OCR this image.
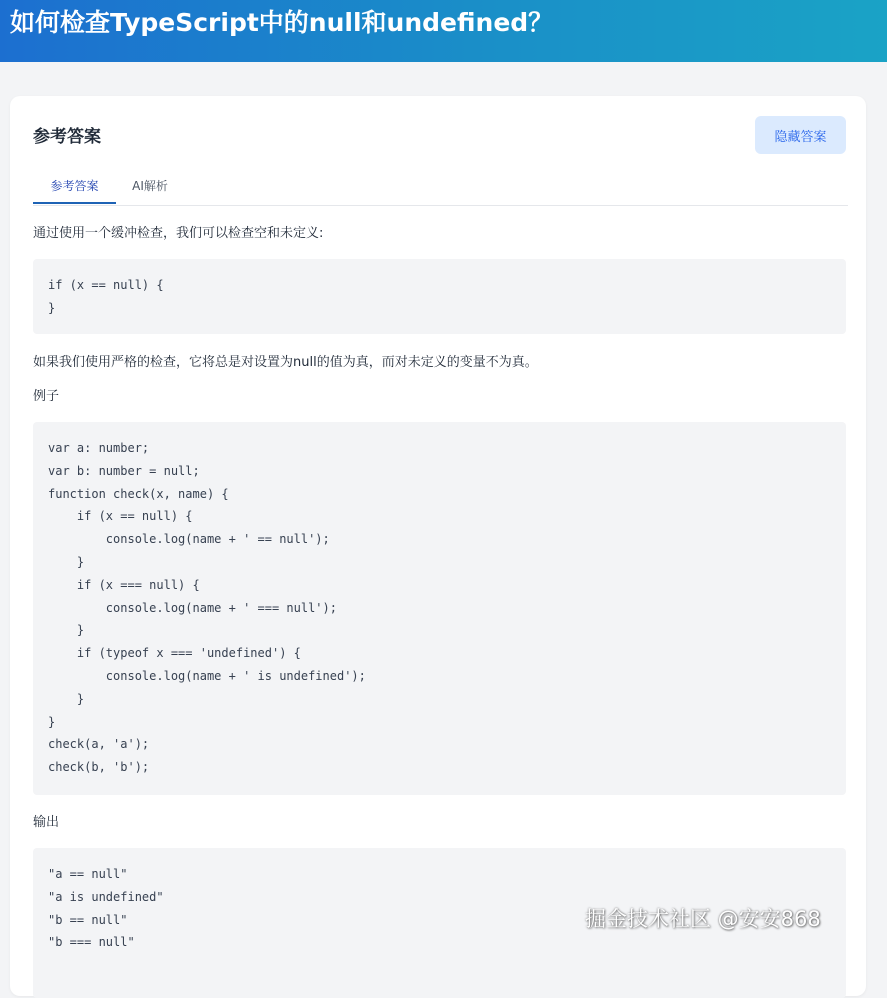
如何检查TypeScript中的null和undefined？
参考答案	隐藏答案
参考答案	AI解析
通过使用一个缓冲检查，我们可以检查空和未定义:
if (x == null) {
}
如果我们使用严格的检查，它将总是对设置为null的值为真，而对未定义的变量不为真。
例子
var a: number;
var b: number = null;
function check(x, name) {
if (x == null) {
console.log(name + ' == null');
}
if (x === null) {
console.log(name + ' === null');
}
if (typeof x === 'undefined') {
console.log(name + ' is undefined');
}
}
check(a, 'a');
check(b, 'b');
输出
"a == null"
"a is undefined"
"b == null"
"b === null"
掘金技术社区 @安安868
